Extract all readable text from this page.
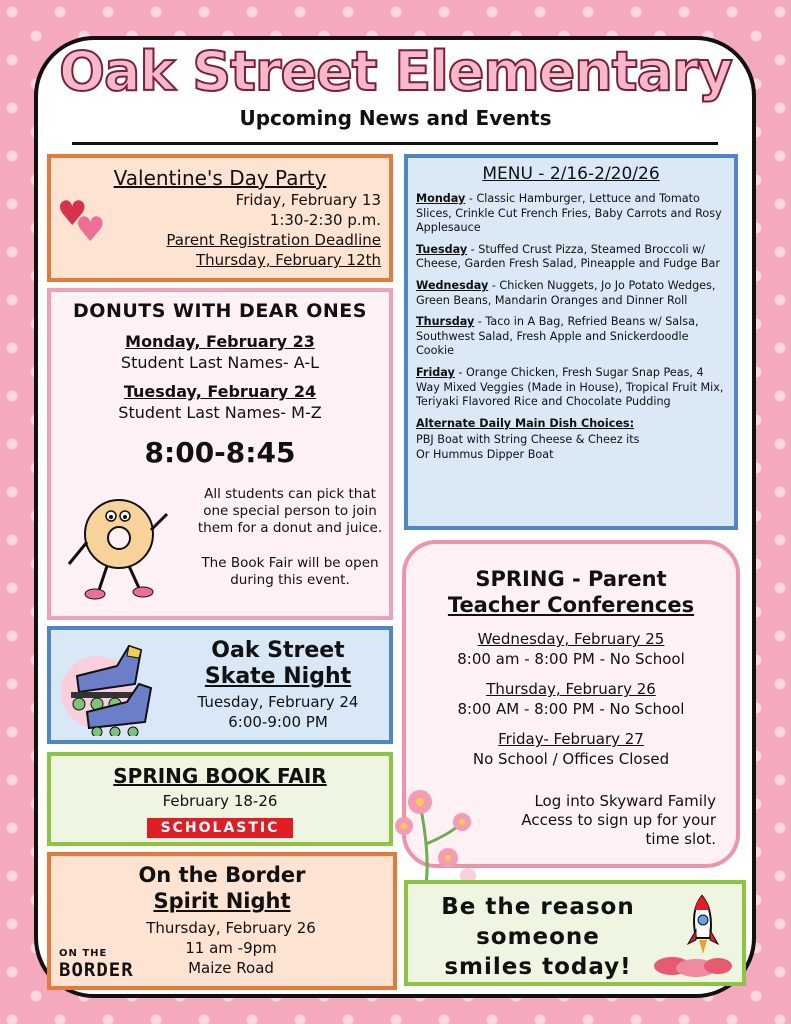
Oak Street Elementary
Upcoming News and Events
Valentine's Day Party
Friday, February 13
1:30-2:30 p.m.
Parent Registration Deadline
Thursday, February 12th
♥
♥
DONUTS WITH DEAR ONES
Monday, February 23
Student Last Names- A-L
Tuesday, February 24
Student Last Names- M-Z
8:00-8:45
All students can pick that one special person to join them for a donut and juice.
The Book Fair will be open during this event.
Oak Street
Skate Night
Tuesday, February 24
6:00-9:00 PM
SPRING BOOK FAIR
February 18-26
SCHOLASTIC
On the Border
Spirit Night
Thursday, February 26
11 am -9pm
Maize Road
ON THE
BORDER
MENU - 2/16-2/20/26
Monday - Classic Hamburger, Lettuce and Tomato Slices, Crinkle Cut French Fries, Baby Carrots and Rosy Applesauce
Tuesday - Stuffed Crust Pizza, Steamed Broccoli w/ Cheese, Garden Fresh Salad, Pineapple and Fudge Bar
Wednesday - Chicken Nuggets, Jo Jo Potato Wedges, Green Beans, Mandarin Oranges and Dinner Roll
Thursday - Taco in A Bag, Refried Beans w/ Salsa, Southwest Salad, Fresh Apple and Snickerdoodle Cookie
Friday - Orange Chicken, Fresh Sugar Snap Peas, 4 Way Mixed Veggies (Made in House), Tropical Fruit Mix, Teriyaki Flavored Rice and Chocolate Pudding
Alternate Daily Main Dish Choices:
PBJ Boat with String Cheese & Cheez its
Or Hummus Dipper Boat
SPRING - Parent
Teacher Conferences
Wednesday, February 25
8:00 am - 8:00 PM - No School
Thursday, February 26
8:00 AM - 8:00 PM - No School
Friday- February 27
No School / Offices Closed
Log into Skyward Family Access to sign up for your time slot.
Be the reason
someone
smiles today!
